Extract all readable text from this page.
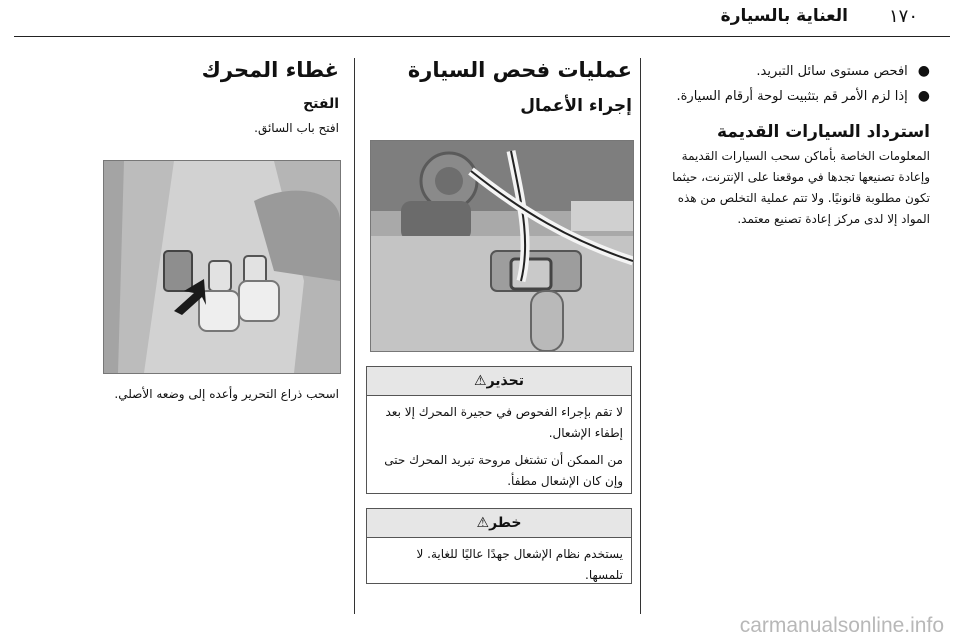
١٧٠
العناية بالسيارة
●افحص مستوى سائل التبريد.
●إذا لزم الأمر قم بتثبيت لوحة أرقام السيارة.
استرداد السيارات القديمة
المعلومات الخاصة بأماكن سحب السيارات القديمة وإعادة تصنيعها تجدها في موقعنا على الإنترنت، حيثما تكون مطلوبة قانونيًا. ولا تتم عملية التخلص من هذه المواد إلا لدى مركز إعادة تصنيع معتمد.
عمليات فحص السيارة
إجراء الأعمال
⚠تحذير
لا تقم بإجراء الفحوص في حجيرة المحرك إلا بعد إطفاء الإشعال.
من الممكن أن تشتغل مروحة تبريد المحرك حتى وإن كان الإشعال مطفأ.
⚠خطر
يستخدم نظام الإشعال جهدًا عاليًا للغاية. لا تلمسها.
غطاء المحرك
الفتح
افتح باب السائق.
اسحب ذراع التحرير وأعده إلى وضعه الأصلي.
carmanualsonline.info
